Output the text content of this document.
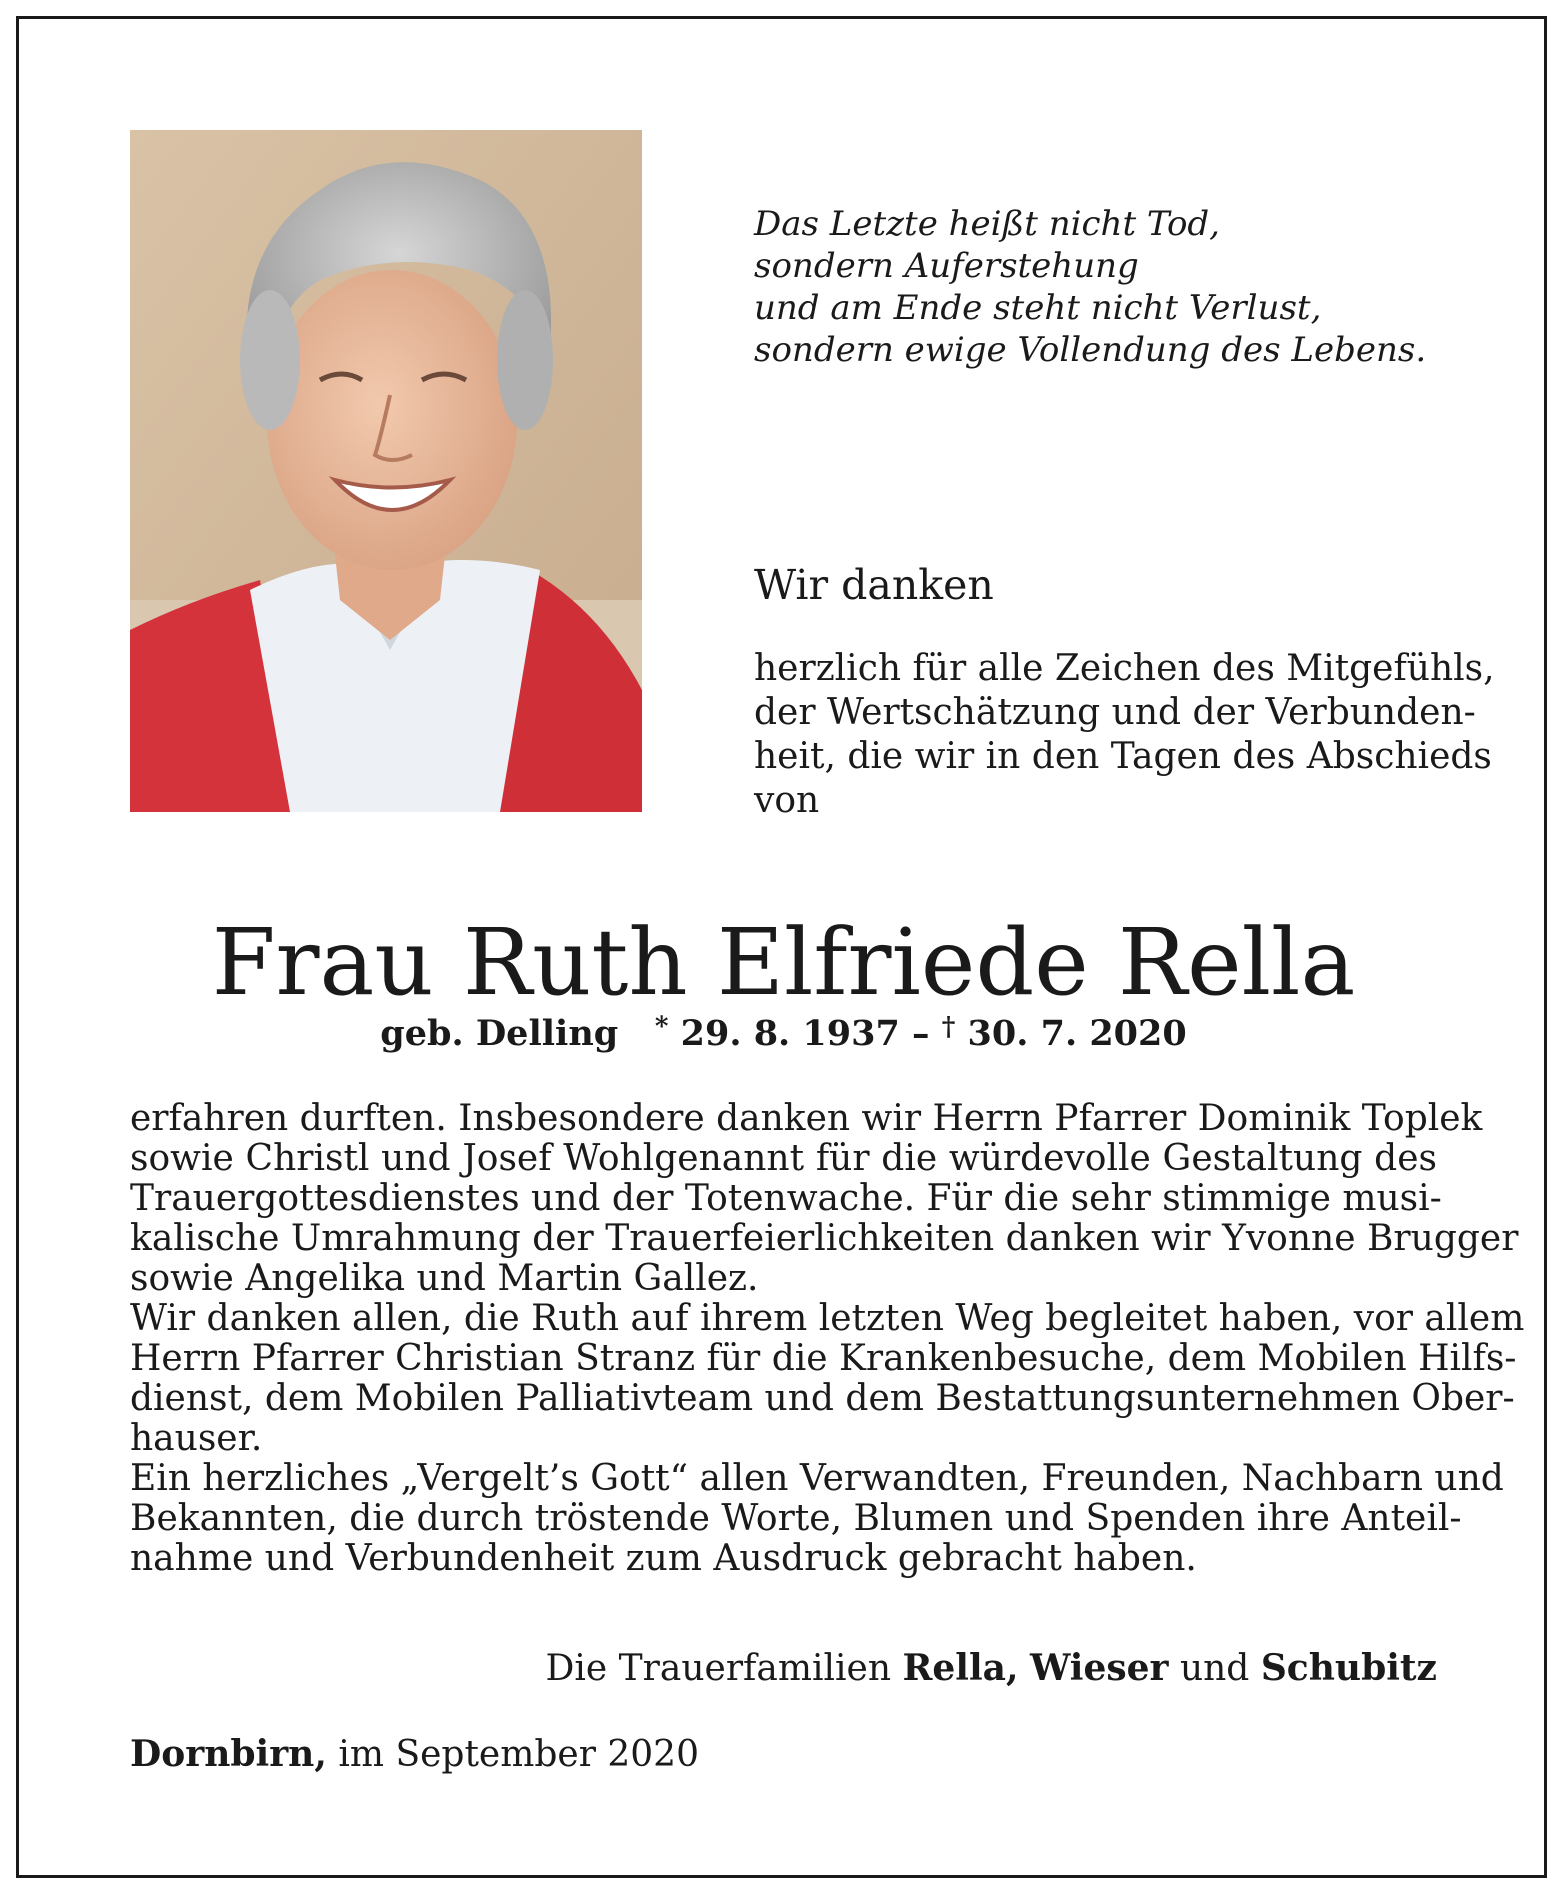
Das Letzte heißt nicht Tod,
sondern Auferstehung
und am Ende steht nicht Verlust,
sondern ewige Vollendung des Lebens.
Wir danken
herzlich für alle Zeichen des Mitgefühls,
der Wertschätzung und der Verbunden-
heit, die wir in den Tagen des Abschieds
von
Frau Ruth Elfriede Rella
geb. Delling * 29. 8. 1937 – † 30. 7. 2020
erfahren durften. Insbesondere danken wir Herrn Pfarrer Dominik Toplek
sowie Christl und Josef Wohlgenannt für die würdevolle Gestaltung des
Trauergottesdienstes und der Totenwache. Für die sehr stimmige musi-
kalische Umrahmung der Trauerfeierlichkeiten danken wir Yvonne Brugger
sowie Angelika und Martin Gallez.
Wir danken allen, die Ruth auf ihrem letzten Weg begleitet haben, vor allem
Herrn Pfarrer Christian Stranz für die Krankenbesuche, dem Mobilen Hilfs-
dienst, dem Mobilen Palliativteam und dem Bestattungsunternehmen Ober-
hauser.
Ein herzliches „Vergelt’s Gott“ allen Verwandten, Freunden, Nachbarn und
Bekannten, die durch tröstende Worte, Blumen und Spenden ihre Anteil-
nahme und Verbundenheit zum Ausdruck gebracht haben.
Die Trauerfamilien Rella, Wieser und Schubitz
Dornbirn, im September 2020
